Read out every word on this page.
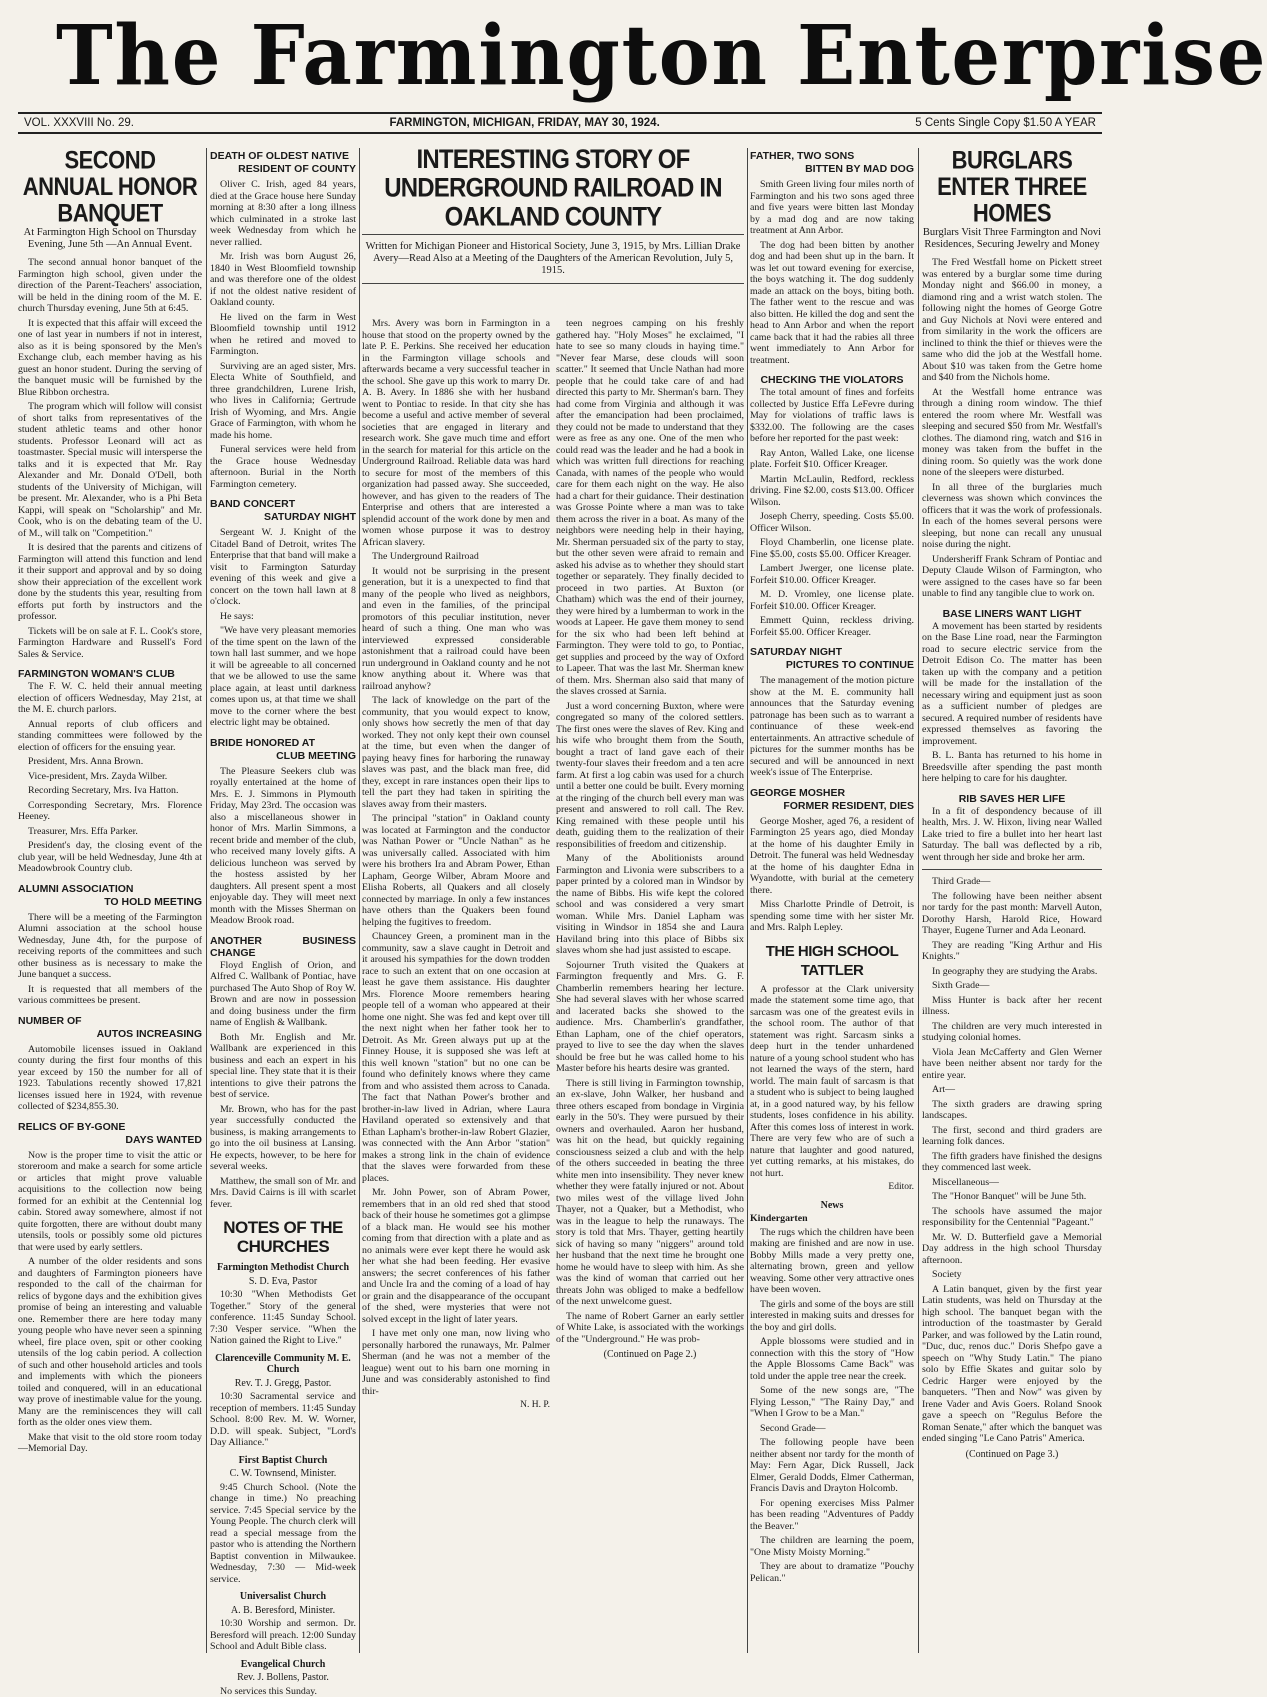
The Farmington Enterprise
VOL. XXXVIII No. 29.	FARMINGTON, MICHIGAN, FRIDAY, MAY 30, 1924.	5 Cents Single Copy $1.50 A YEAR
SECOND ANNUAL HONOR BANQUET
At Farmington High School on Thursday Evening, June 5th —An Annual Event.

The second annual honor banquet of the Farmington high school, given under the direction of the Parent-Teachers' association, will be held in the dining room of the M. E. church Thursday evening, June 5th at 6:45.

It is expected that this affair will exceed the one of last year in numbers if not in interest, also as it is being sponsored by the Men's Exchange club, each member having as his guest an honor student. During the serving of the banquet music will be furnished by the Blue Ribbon orchestra.

The program which will follow will consist of short talks from representatives of the student athletic teams and other honor students. Professor Leonard will act as toastmaster. Special music will intersperse the talks and it is expected that Mr. Ray Alexander and Mr. Donald O'Dell, both students of the University of Michigan, will be present. Mr. Alexander, who is a Phi Beta Kappi, will speak on "Scholarship" and Mr. Cook, who is on the debating team of the U. of M., will talk on "Competition."

It is desired that the parents and citizens of Farmington will attend this function and lend it their support and approval and by so doing show their appreciation of the excellent work done by the students this year, resulting from efforts put forth by instructors and the professor.

Tickets will be on sale at F. L. Cook's store, Farmington Hardware and Russell's Ford Sales & Service.

FARMINGTON WOMAN'S CLUB

The F. W. C. held their annual meeting election of officers Wednesday, May 21st, at the M. E. church parlors.

Annual reports of club officers and standing committees were followed by the election of officers for the ensuing year.

President, Mrs. Anna Brown.

Vice-president, Mrs. Zayda Wilber.

Recording Secretary, Mrs. Iva Hatton.

Corresponding Secretary, Mrs. Florence Heeney.

Treasurer, Mrs. Effa Parker.

President's day, the closing event of the club year, will be held Wednesday, June 4th at Meadowbrook Country club.

ALUMNI ASSOCIATION
TO HOLD MEETING

There will be a meeting of the Farmington Alumni association at the school house Wednesday, June 4th, for the purpose of receiving reports of the committees and such other business as is necessary to make the June banquet a success.

It is requested that all members of the various committees be present.

NUMBER OF
AUTOS INCREASING

Automobile licenses issued in Oakland county during the first four months of this year exceed by 150 the number for all of 1923. Tabulations recently showed 17,821 licenses issued here in 1924, with revenue collected of $234,855.30.

RELICS OF BY-GONE
DAYS WANTED

Now is the proper time to visit the attic or storeroom and make a search for some article or articles that might prove valuable acquisitions to the collection now being formed for an exhibit at the Centennial log cabin. Stored away somewhere, almost if not quite forgotten, there are without doubt many utensils, tools or possibly some old pictures that were used by early settlers.

A number of the older residents and sons and daughters of Farmington pioneers have responded to the call of the chairman for relics of bygone days and the exhibition gives promise of being an interesting and valuable one. Remember there are here today many young people who have never seen a spinning wheel, fire place oven, spit or other cooking utensils of the log cabin period. A collection of such and other household articles and tools and implements with which the pioneers toiled and conquered, will in an educational way prove of inestimable value for the young. Many are the reminiscences they will call forth as the older ones view them.

Make that visit to the old store room today—Memorial Day.

DEATH OF OLDEST NATIVE
RESIDENT OF COUNTY

Oliver C. Irish, aged 84 years, died at the Grace house here Sunday morning at 8:30 after a long illness which culminated in a stroke last week Wednesday from which he never rallied.

Mr. Irish was born August 26, 1840 in West Bloomfield township and was therefore one of the oldest if not the oldest native resident of Oakland county.

He lived on the farm in West Bloomfield township until 1912 when he retired and moved to Farmington.

Surviving are an aged sister, Mrs. Electa White of Southfield, and three grandchildren, Lurene Irish, who lives in California; Gertrude Irish of Wyoming, and Mrs. Angie Grace of Farmington, with whom he made his home.

Funeral services were held from the Grace house Wednesday afternoon. Burial in the North Farmington cemetery.

BAND CONCERT
SATURDAY NIGHT

Sergeant W. J. Knight of the Citadel Band of Detroit, writes The Enterprise that that band will make a visit to Farmington Saturday evening of this week and give a concert on the town hall lawn at 8 o'clock.

He says:

"We have very pleasant memories of the time spent on the lawn of the town hall last summer, and we hope it will be agreeable to all concerned that we be allowed to use the same place again, at least until darkness comes upon us, at that time we shall move to the corner where the best electric light may be obtained.

BRIDE HONORED AT
CLUB MEETING

The Pleasure Seekers club was royally entertained at the home of Mrs. E. J. Simmons in Plymouth Friday, May 23rd. The occasion was also a miscellaneous shower in honor of Mrs. Marlin Simmons, a recent bride and member of the club, who received many lovely gifts. A delicious luncheon was served by the hostess assisted by her daughters. All present spent a most enjoyable day. They will meet next month with the Misses Sherman on Meadow Brook road.

ANOTHER BUSINESS CHANGE

Floyd English of Orion, and Alfred C. Wallbank of Pontiac, have purchased The Auto Shop of Roy W. Brown and are now in possession and doing business under the firm name of English & Wallbank.

Both Mr. English and Mr. Wallbank are experienced in this business and each an expert in his special line. They state that it is their intentions to give their patrons the best of service.

Mr. Brown, who has for the past year successfully conducted the business, is making arrangements to go into the oil business at Lansing. He expects, however, to be here for several weeks.

Matthew, the small son of Mr. and Mrs. David Cairns is ill with scarlet fever.

NOTES OF THE CHURCHES
Farmington Methodist Church
S. D. Eva, Pastor

10:30 "When Methodists Get Together." Story of the general conference. 11:45 Sunday School. 7:30 Vesper service. "When the Nation gained the Right to Live."

Clarenceville Community M. E. Church
Rev. T. J. Gregg, Pastor.

10:30 Sacramental service and reception of members. 11:45 Sunday School. 8:00 Rev. M. W. Worner, D.D. will speak. Subject, "Lord's Day Alliance."

First Baptist Church
C. W. Townsend, Minister.

9:45 Church School. (Note the change in time.) No preaching service. 7:45 Special service by the Young People. The church clerk will read a special message from the pastor who is attending the Northern Baptist convention in Milwaukee. Wednesday, 7:30 — Mid-week service.

Universalist Church
A. B. Beresford, Minister.

10:30 Worship and sermon. Dr. Beresford will preach. 12:00 Sunday School and Adult Bible class.

Evangelical Church
Rev. J. Bollens, Pastor.

No services this Sunday.

INTERESTING STORY OF UNDERGROUND RAILROAD IN OAKLAND COUNTY
Written for Michigan Pioneer and Historical Society, June 3, 1915, by Mrs. Lillian Drake Avery—Read Also at a Meeting of the Daughters of the American Revolution, July 5, 1915.

Mrs. Avery was born in Farmington in a house that stood on the property owned by the late P. E. Perkins. She received her education in the Farmington village schools and afterwards became a very successful teacher in the school. She gave up this work to marry Dr. A. B. Avery. In 1886 she with her husband went to Pontiac to reside. In that city she has become a useful and active member of several societies that are engaged in literary and research work. She gave much time and effort in the search for material for this article on the Underground Railroad. Reliable data was hard to secure for most of the members of this organization had passed away. She succeeded, however, and has given to the readers of The Enterprise and others that are interested a splendid account of the work done by men and women whose purpose it was to destroy African slavery.

The Underground Railroad

It would not be surprising in the present generation, but it is a unexpected to find that many of the people who lived as neighbors, and even in the families, of the principal promotors of this peculiar institution, never heard of such a thing. One man who was interviewed expressed considerable astonishment that a railroad could have been run underground in Oakland county and he not know anything about it. Where was that railroad anyhow?

The lack of knowledge on the part of the community, that you would expect to know, only shows how secretly the men of that day worked. They not only kept their own counsel at the time, but even when the danger of paying heavy fines for harboring the runaway slaves was past, and the black man free, did they, except in rare instances open their lips to tell the part they had taken in spiriting the slaves away from their masters.

The principal "station" in Oakland county was located at Farmington and the conductor was Nathan Power or "Uncle Nathan" as he was universally called. Associated with him were his brothers Ira and Abram Power, Ethan Lapham, George Wilber, Abram Moore and Elisha Roberts, all Quakers and all closely connected by marriage. In only a few instances have others than the Quakers been found helping the fugitives to freedom.

Chauncey Green, a prominent man in the community, saw a slave caught in Detroit and it aroused his sympathies for the down trodden race to such an extent that on one occasion at least he gave them assistance. His daughter Mrs. Florence Moore remembers hearing people tell of a woman who appeared at their home one night. She was fed and kept over till the next night when her father took her to Detroit. As Mr. Green always put up at the Finney House, it is supposed she was left at this well known "station" but no one can be found who definitely knows where they came from and who assisted them across to Canada. The fact that Nathan Power's brother and brother-in-law lived in Adrian, where Laura Haviland operated so extensively and that Ethan Lapham's brother-in-law Robert Glazier, was connected with the Ann Arbor "station" makes a strong link in the chain of evidence that the slaves were forwarded from these places.

Mr. John Power, son of Abram Power, remembers that in an old red shed that stood back of their house he sometimes got a glimpse of a black man. He would see his mother coming from that direction with a plate and as no animals were ever kept there he would ask her what she had been feeding. Her evasive answers; the secret conferences of his father and Uncle Ira and the coming of a load of hay or grain and the disappearance of the occupant of the shed, were mysteries that were not solved except in the light of later years.

I have met only one man, now living who personally harbored the runaways, Mr. Palmer Sherman (and he was not a member of the league) went out to his barn one morning in June and was considerably astonished to find thir-

N. H. P.

teen negroes camping on his freshly gathered hay. "Holy Moses" he exclaimed, "I hate to see so many clouds in haying time." "Never fear Marse, dese clouds will soon scatter." It seemed that Uncle Nathan had more people that he could take care of and had directed this party to Mr. Sherman's barn. They had come from Virginia and although it was after the emancipation had been proclaimed, they could not be made to understand that they were as free as any one. One of the men who could read was the leader and he had a book in which was written full directions for reaching Canada, with names of the people who would care for them each night on the way. He also had a chart for their guidance. Their destination was Grosse Pointe where a man was to take them across the river in a boat. As many of the neighbors were needing help in their haying, Mr. Sherman persuaded six of the party to stay, but the other seven were afraid to remain and asked his advise as to whether they should start together or separately. They finally decided to proceed in two parties. At Buxton (or Chatham) which was the end of their journey, they were hired by a lumberman to work in the woods at Lapeer. He gave them money to send for the six who had been left behind at Farmington. They were told to go, to Pontiac, get supplies and proceed by the way of Oxford to Lapeer. That was the last Mr. Sherman knew of them. Mrs. Sherman also said that many of the slaves crossed at Sarnia.

Just a word concerning Buxton, where were congregated so many of the colored settlers. The first ones were the slaves of Rev. King and his wife who brought them from the South, bought a tract of land gave each of their twenty-four slaves their freedom and a ten acre farm. At first a log cabin was used for a church until a better one could be built. Every morning at the ringing of the church bell every man was present and answered to roll call. The Rev. King remained with these people until his death, guiding them to the realization of their responsibilities of freedom and citizenship.

Many of the Abolitionists around Farmington and Livonia were subscribers to a paper printed by a colored man in Windsor by the name of Bibbs. His wife kept the colored school and was considered a very smart woman. While Mrs. Daniel Lapham was visiting in Windsor in 1854 she and Laura Haviland bring into this place of Bibbs six slaves whom she had just assisted to escape.

Sojourner Truth visited the Quakers at Farmington frequently and Mrs. G. F. Chamberlin remembers hearing her lecture. She had several slaves with her whose scarred and lacerated backs she showed to the audience. Mrs. Chamberlin's grandfather, Ethan Lapham, one of the chief operators, prayed to live to see the day when the slaves should be free but he was called home to his Master before his hearts desire was granted.

There is still living in Farmington township, an ex-slave, John Walker, her husband and three others escaped from bondage in Virginia early in the 50's. They were pursued by their owners and overhauled. Aaron her husband, was hit on the head, but quickly regaining consciousness seized a club and with the help of the others succeeded in beating the three white men into insensibility. They never knew whether they were fatally injured or not. About two miles west of the village lived John Thayer, not a Quaker, but a Methodist, who was in the league to help the runaways. The story is told that Mrs. Thayer, getting heartily sick of having so many "niggers" around told her husband that the next time he brought one home he would have to sleep with him. As she was the kind of woman that carried out her threats John was obliged to make a bedfellow of the next unwelcome guest.

The name of Robert Garner an early settler of White Lake, is associated with the workings of the "Underground." He was prob-

(Continued on Page 2.)
FATHER, TWO SONS
BITTEN BY MAD DOG

Smith Green living four miles north of Farmington and his two sons aged three and five years were bitten last Monday by a mad dog and are now taking treatment at Ann Arbor.

The dog had been bitten by another dog and had been shut up in the barn. It was let out toward evening for exercise, the boys watching it. The dog suddenly made an attack on the boys, biting both. The father went to the rescue and was also bitten. He killed the dog and sent the head to Ann Arbor and when the report came back that it had the rabies all three went immediately to Ann Arbor for treatment.

CHECKING THE VIOLATORS

The total amount of fines and forfeits collected by Justice Effa LeFevre during May for violations of traffic laws is $332.00. The following are the cases before her reported for the past week:

Ray Anton, Walled Lake, one license plate. Forfeit $10. Officer Kreager.

Martin McLaulin, Redford, reckless driving. Fine $2.00, costs $13.00. Officer Wilson.

Joseph Cherry, speeding. Costs $5.00. Officer Wilson.

Floyd Chamberlin, one license plate. Fine $5.00, costs $5.00. Officer Kreager.

Lambert Jwerger, one license plate. Forfeit $10.00. Officer Kreager.

M. D. Vromley, one license plate. Forfeit $10.00. Officer Kreager.

Emmett Quinn, reckless driving. Forfeit $5.00. Officer Kreager.

SATURDAY NIGHT
PICTURES TO CONTINUE

The management of the motion picture show at the M. E. community hall announces that the Saturday evening patronage has been such as to warrant a continuance of these week-end entertainments. An attractive schedule of pictures for the summer months has be secured and will be announced in next week's issue of The Enterprise.

GEORGE MOSHER
FORMER RESIDENT, DIES

George Mosher, aged 76, a resident of Farmington 25 years ago, died Monday at the home of his daughter Emily in Detroit. The funeral was held Wednesday at the home of his daughter Edna in Wyandotte, with burial at the cemetery there.

Miss Charlotte Prindle of Detroit, is spending some time with her sister Mr. and Mrs. Ralph Lepley.

THE HIGH SCHOOL TATTLER

A professor at the Clark university made the statement some time ago, that sarcasm was one of the greatest evils in the school room. The author of that statement was right. Sarcasm sinks a deep hurt in the tender unhardened nature of a young school student who has not learned the ways of the stern, hard world. The main fault of sarcasm is that a student who is subject to being laughed at, in a good natured way, by his fellow students, loses confidence in his ability. After this comes loss of interest in work. There are very few who are of such a nature that laughter and good natured, yet cutting remarks, at his mistakes, do not hurt.

Editor.
News
Kindergarten

The rugs which the children have been making are finished and are now in use. Bobby Mills made a very pretty one, alternating brown, green and yellow weaving. Some other very attractive ones have been woven.

The girls and some of the boys are still interested in making suits and dresses for the boy and girl dolls.

Apple blossoms were studied and in connection with this the story of "How the Apple Blossoms Came Back" was told under the apple tree near the creek.

Some of the new songs are, "The Flying Lesson," "The Rainy Day," and "When I Grow to be a Man."

Second Grade—

The following people have been neither absent nor tardy for the month of May: Fern Agar, Dick Russell, Jack Elmer, Gerald Dodds, Elmer Catherman, Francis Davis and Drayton Holcomb.

For opening exercises Miss Palmer has been reading "Adventures of Paddy the Beaver."

The children are learning the poem, "One Misty Moisty Morning."

They are about to dramatize "Pouchy Pelican."

BURGLARS ENTER THREE HOMES
Burglars Visit Three Farmington and Novi Residences, Securing Jewelry and Money

The Fred Westfall home on Pickett street was entered by a burglar some time during Monday night and $66.00 in money, a diamond ring and a wrist watch stolen. The following night the homes of George Gotre and Guy Nichols at Novi were entered and from similarity in the work the officers are inclined to think the thief or thieves were the same who did the job at the Westfall home. About $10 was taken from the Getre home and $40 from the Nichols home.

At the Westfall home entrance was through a dining room window. The thief entered the room where Mr. Westfall was sleeping and secured $50 from Mr. Westfall's clothes. The diamond ring, watch and $16 in money was taken from the buffet in the dining room. So quietly was the work done none of the sleepers were disturbed.

In all three of the burglaries much cleverness was shown which convinces the officers that it was the work of professionals. In each of the homes several persons were sleeping, but none can recall any unusual noise during the night.

Undersheriff Frank Schram of Pontiac and Deputy Claude Wilson of Farmington, who were assigned to the cases have so far been unable to find any tangible clue to work on.

BASE LINERS WANT LIGHT

A movement has been started by residents on the Base Line road, near the Farmington road to secure electric service from the Detroit Edison Co. The matter has been taken up with the company and a petition will be made for the installation of the necessary wiring and equipment just as soon as a sufficient number of pledges are secured. A required number of residents have expressed themselves as favoring the improvement.

B. L. Banta has returned to his home in Breedsville after spending the past month here helping to care for his daughter.

RIB SAVES HER LIFE

In a fit of despondency because of ill health, Mrs. J. W. Hixon, living near Walled Lake tried to fire a bullet into her heart last Saturday. The ball was deflected by a rib, went through her side and broke her arm.

Third Grade—

The following have been neither absent nor tardy for the past month: Marvell Auton, Dorothy Harsh, Harold Rice, Howard Thayer, Eugene Turner and Ada Leonard.

They are reading "King Arthur and His Knights."

In geography they are studying the Arabs.

Sixth Grade—

Miss Hunter is back after her recent illness.

The children are very much interested in studying colonial homes.

Viola Jean McCafferty and Glen Werner have been neither absent nor tardy for the entire year.

Art—

The sixth graders are drawing spring landscapes.

The first, second and third graders are learning folk dances.

The fifth graders have finished the designs they commenced last week.

Miscellaneous—

The "Honor Banquet" will be June 5th.

The schools have assumed the major responsibility for the Centennial "Pageant."

Mr. W. D. Butterfield gave a Memorial Day address in the high school Thursday afternoon.

Society

A Latin banquet, given by the first year Latin students, was held on Thursday at the high school. The banquet began with the introduction of the toastmaster by Gerald Parker, and was followed by the Latin round, "Duc, duc, renos duc." Doris Shefpo gave a speech on "Why Study Latin." The piano solo by Effie Skates and guitar solo by Cedric Harger were enjoyed by the banqueters. "Then and Now" was given by Irene Vader and Avis Goers. Roland Snook gave a speech on "Regulus Before the Roman Senate," after which the banquet was ended singing "Le Cano Patris" America.

(Continued on Page 3.)
